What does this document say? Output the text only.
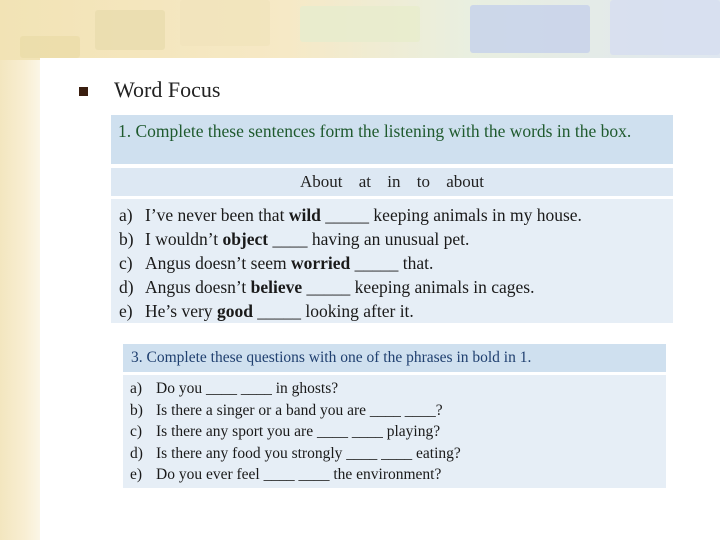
Word Focus
1. Complete these sentences form the listening with the words in the box.
About at in to about
a) I’ve never been that wild _____ keeping animals in my house.
b) I wouldn’t object ____ having an unusual pet.
c) Angus doesn’t seem worried _____ that.
d) Angus doesn’t believe _____ keeping animals in cages.
e) He’s very good _____ looking after it.
3. Complete these questions with one of the phrases in bold in 1.
a) Do you ____ ____ in ghosts?
b) Is there a singer or a band you are ____ ____?
c) Is there any sport you are ____ ____ playing?
d) Is there any food you strongly ____ ____ eating?
e) Do you ever feel ____ ____ the environment?
